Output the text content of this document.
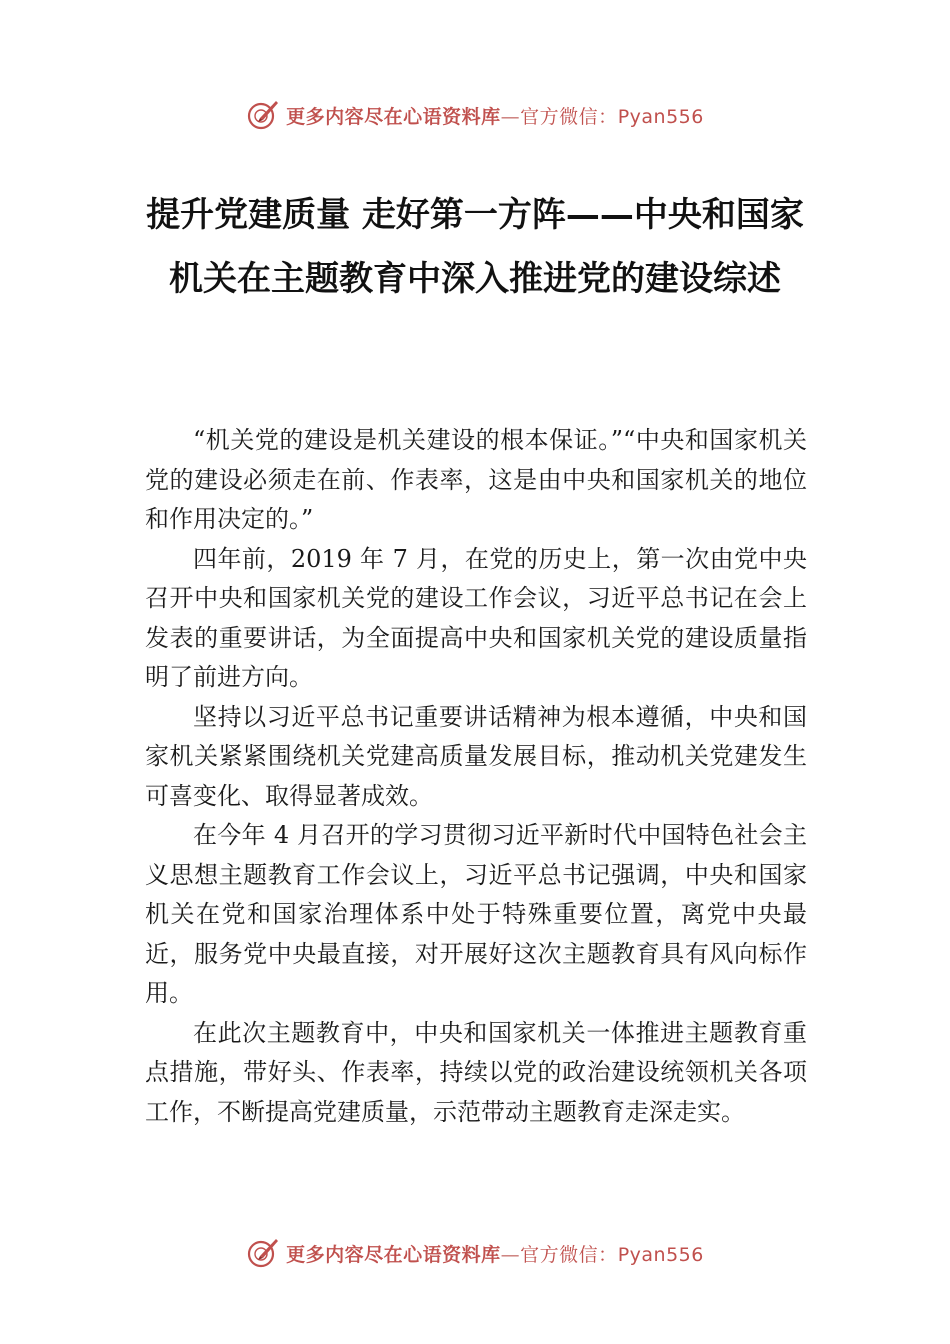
更多内容尽在心语资料库—官方微信：Pyan556
提升党建质量 走好第一方阵——中央和国家机关在主题教育中深入推进党的建设综述

“机关党的建设是机关建设的根本保证。”“中央和国家机关党的建设必须走在前、作表率，这是由中央和国家机关的地位和作用决定的。”

四年前，2019 年 7 月，在党的历史上，第一次由党中央召开中央和国家机关党的建设工作会议，习近平总书记在会上发表的重要讲话，为全面提高中央和国家机关党的建设质量指明了前进方向。

坚持以习近平总书记重要讲话精神为根本遵循，中央和国家机关紧紧围绕机关党建高质量发展目标，推动机关党建发生可喜变化、取得显著成效。

在今年 4 月召开的学习贯彻习近平新时代中国特色社会主义思想主题教育工作会议上，习近平总书记强调，中央和国家机关在党和国家治理体系中处于特殊重要位置，离党中央最近，服务党中央最直接，对开展好这次主题教育具有风向标作用。

在此次主题教育中，中央和国家机关一体推进主题教育重点措施，带好头、作表率，持续以党的政治建设统领机关各项工作，不断提高党建质量，示范带动主题教育走深走实。

更多内容尽在心语资料库—官方微信：Pyan556
